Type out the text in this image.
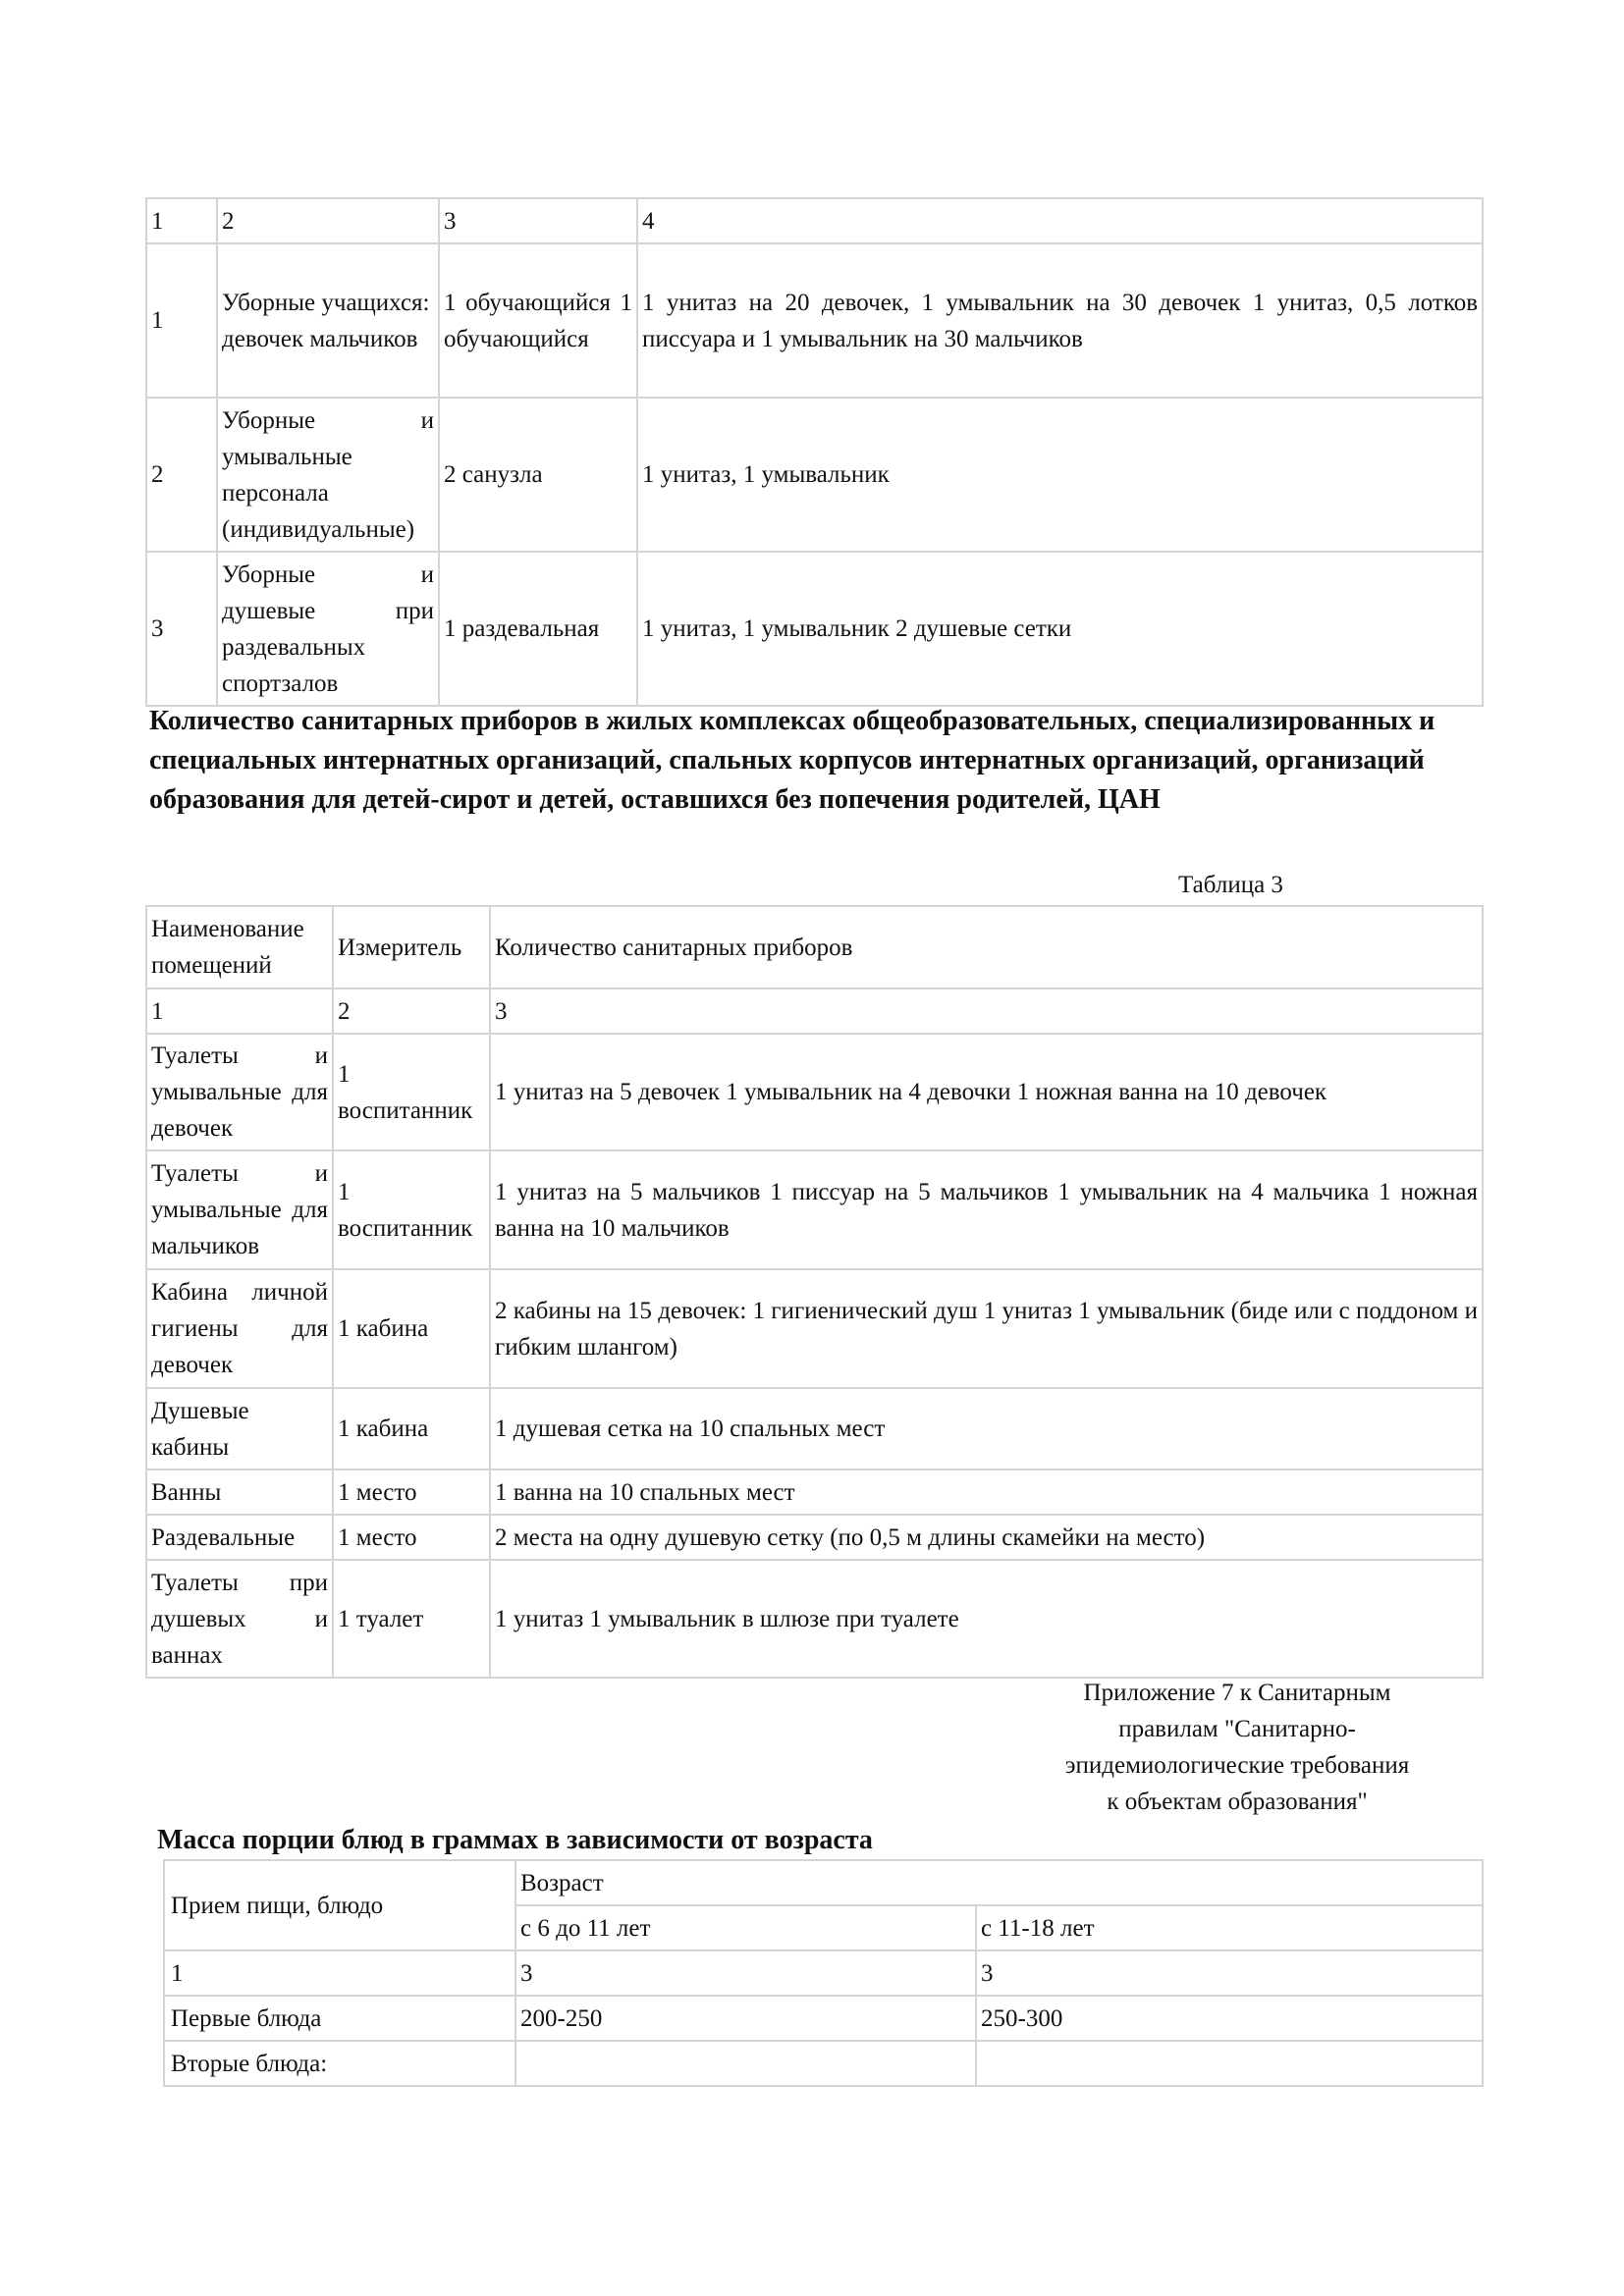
1	2	3	4
1	Уборные учащихся: девочек мальчиков	1 обучающийся 1 обучающийся	1 унитаз на 20 девочек, 1 умывальник на 30 девочек 1 унитаз, 0,5 лотков писсуара и 1 умывальник на 30 мальчиков
2	Уборные и умывальные персонала (индивидуальные)	2 санузла	1 унитаз, 1 умывальник
3	Уборные и душевые при раздевальных спортзалов	1 раздевальная	1 унитаз, 1 умывальник 2 душевые сетки
Количество санитарных приборов в жилых комплексах общеобразовательных, специализированных и специальных интернатных организаций, спальных корпусов интернатных организаций, организаций образования для детей-сирот и детей, оставшихся без попечения родителей, ЦАН
Таблица 3
Наименование помещений	Измеритель	Количество санитарных приборов
1	2	3
Туалеты и умывальные для девочек	1 воспитанник	1 унитаз на 5 девочек 1 умывальник на 4 девочки 1 ножная ванна на 10 девочек
Туалеты и умывальные для мальчиков	1 воспитанник	1 унитаз на 5 мальчиков 1 писсуар на 5 мальчиков 1 умывальник на 4 мальчика 1 ножная ванна на 10 мальчиков
Кабина личной гигиены для девочек	1 кабина	2 кабины на 15 девочек: 1 гигиенический душ 1 унитаз 1 умывальник (биде или с поддоном и гибким шлангом)
Душевые кабины	1 кабина	1 душевая сетка на 10 спальных мест
Ванны	1 место	1 ванна на 10 спальных мест
Раздевальные	1 место	2 места на одну душевую сетку (по 0,5 м длины скамейки на место)
Туалеты при душевых и ваннах	1 туалет	1 унитаз 1 умывальник в шлюзе при туалете
Приложение 7 к Санитарным
правилам "Санитарно-
эпидемиологические требования
к объектам образования"
Масса порции блюд в граммах в зависимости от возраста
Прием пищи, блюдо	Возраст	
	с 6 до 11 лет	с 11-18 лет
1	3	3
Первые блюда	200-250	250-300
Вторые блюда:		
